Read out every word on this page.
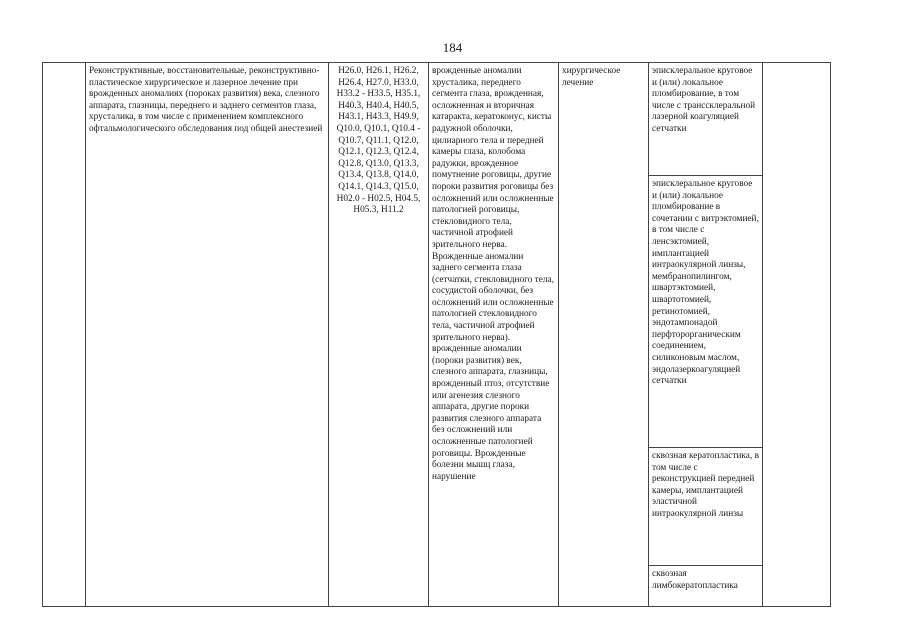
184
	Реконструктивные, восстановительные, реконструктивно-пластическое хирургическое и лазерное лечение при врожденных аномалиях (пороках развития) века, слезного аппарата, глазницы, переднего и заднего сегментов глаза, хрусталика, в том числе с применением комплексного офтальмологического обследования под общей анестезией	H26.0, H26.1, H26.2, H26.4, H27.0, H33.0, H33.2 - H33.5, H35.1, H40.3, H40.4, H40.5, H43.1, H43.3, H49.9, Q10.0, Q10.1, Q10.4 - Q10.7, Q11.1, Q12.0, Q12.1, Q12.3, Q12.4, Q12.8, Q13.0, Q13.3, Q13.4, Q13.8, Q14.0, Q14.1, Q14.3, Q15.0, H02.0 - H02.5, H04.5, H05.3, H11.2	врожденные аномалии хрусталика, переднего сегмента глаза, врожденная, осложненная и вторичная катаракта, кератоконус, кисты радужной оболочки, цилиарного тела и передней камеры глаза, колобома радужки, врожденное помутнение роговицы, другие пороки развития роговицы без осложнений или осложненные патологией роговицы, стекловидного тела, частичной атрофией зрительного нерва. Врожденные аномалии заднего сегмента глаза (сетчатки, стекловидного тела, сосудистой оболочки, без осложнений или осложненные патологией стекловидного тела, частичной атрофией зрительного нерва). врожденные аномалии (пороки развития) век, слезного аппарата, глазницы, врожденный птоз, отсутствие или агенезия слезного аппарата, другие пороки развития слезного аппарата без осложнений или осложненные патологией роговицы. Врожденные болезни мышц глаза, нарушение	хирургическое лечение	эписклеральное круговое и (или) локальное пломбирование, в том числе с транссклеральной лазерной коагуляцией сетчатки	
эписклеральное круговое и (или) локальное пломбирование в сочетании с витрэктомией, в том числе с ленсэктомией, имплантацией интраокулярной линзы, мембранопилингом, швартэктомией, швартотомией, ретинотомией, эндотампонадой перфторорганическим соединением, силиконовым маслом, эндолазеркоагуляцией сетчатки
сквозная кератопластика, в том числе с реконструкцией передней камеры, имплантацией эластичной интраокулярной линзы
сквозная лимбокератопластика
